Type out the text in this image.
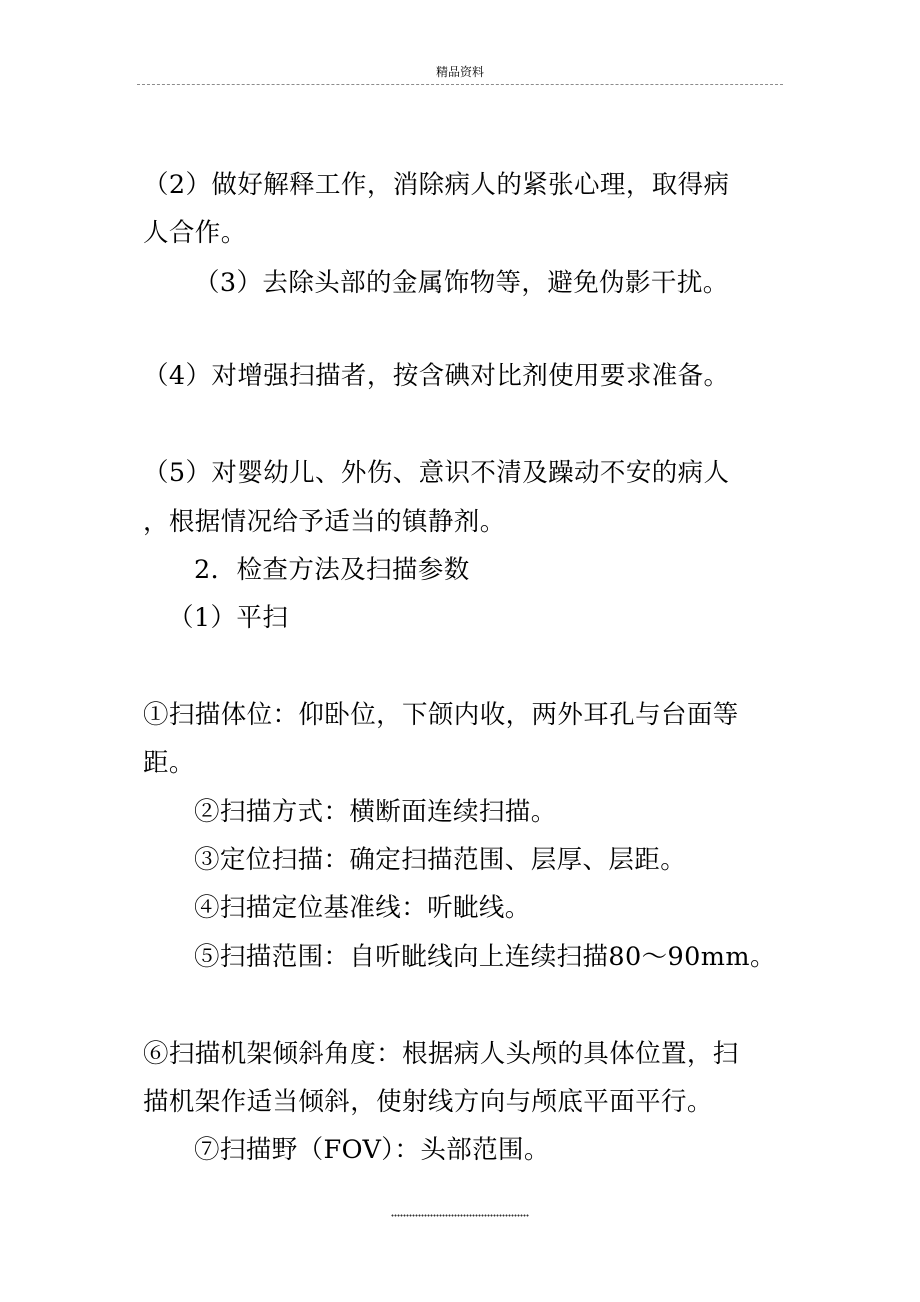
精品资料
（2）做好解释工作，消除病人的紧张心理，取得病
人合作。
（3）去除头部的金属饰物等，避免伪影干扰。
（4）对增强扫描者，按含碘对比剂使用要求准备。
（5）对婴幼儿、外伤、意识不清及躁动不安的病人
，根据情况给予适当的镇静剂。
2．检查方法及扫描参数
（1）平扫
①扫描体位：仰卧位，下颌内收，两外耳孔与台面等
距。
②扫描方式：横断面连续扫描。
③定位扫描：确定扫描范围、层厚、层距。
④扫描定位基准线：听眦线。
⑤扫描范围：自听眦线向上连续扫描80～90mm。
⑥扫描机架倾斜角度：根据病人头颅的具体位置，扫
描机架作适当倾斜，使射线方向与颅底平面平行。
⑦扫描野（FOV）：头部范围。
